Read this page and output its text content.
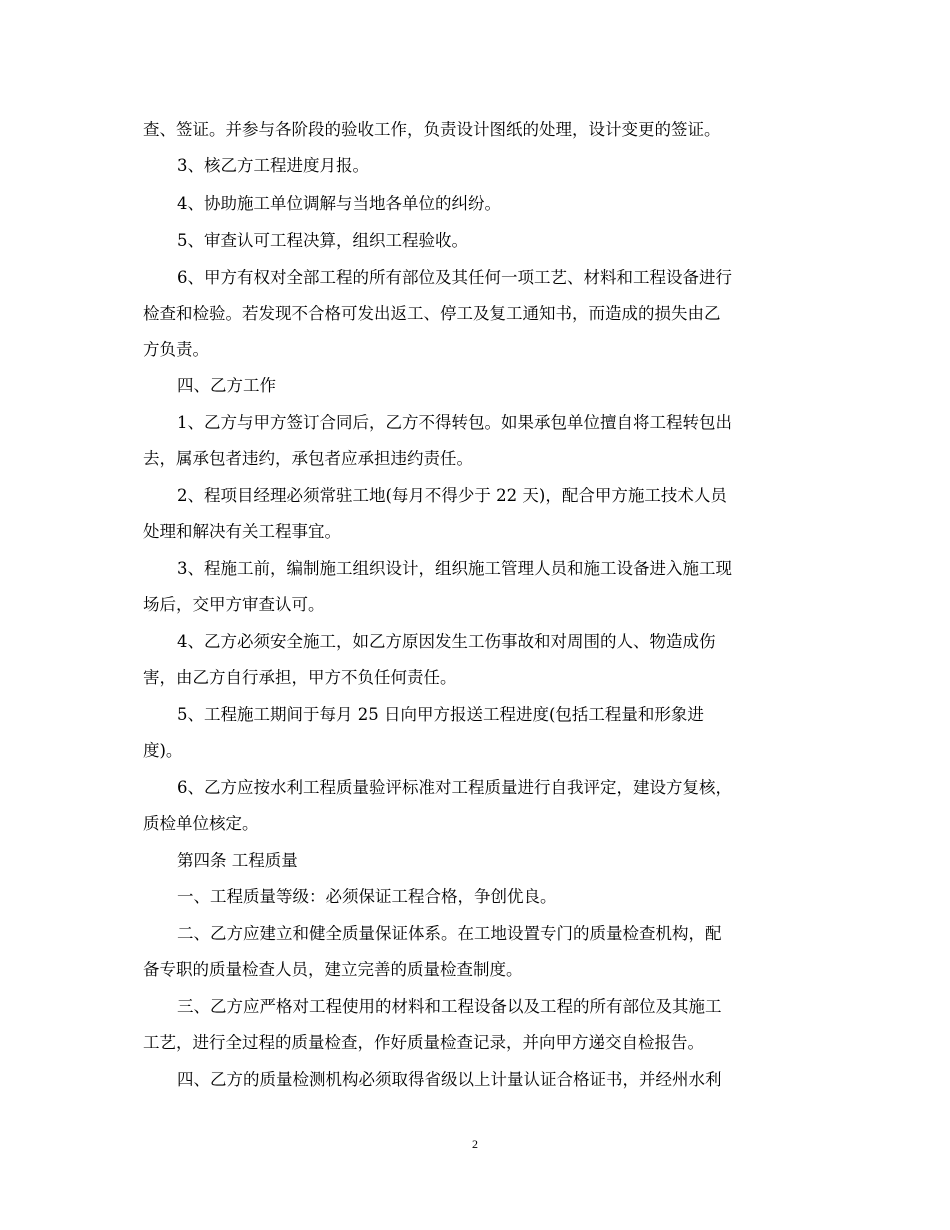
查、签证。并参与各阶段的验收工作，负责设计图纸的处理，设计变更的签证。
3、核乙方工程进度月报。
4、协助施工单位调解与当地各单位的纠纷。
5、审查认可工程决算，组织工程验收。
6、甲方有权对全部工程的所有部位及其任何一项工艺、材料和工程设备进行
检查和检验。若发现不合格可发出返工、停工及复工通知书，而造成的损失由乙
方负责。
四、乙方工作
1、乙方与甲方签订合同后，乙方不得转包。如果承包单位擅自将工程转包出
去，属承包者违约，承包者应承担违约责任。
2、程项目经理必须常驻工地(每月不得少于 22 天)，配合甲方施工技术人员
处理和解决有关工程事宜。
3、程施工前，编制施工组织设计，组织施工管理人员和施工设备进入施工现
场后，交甲方审查认可。
4、乙方必须安全施工，如乙方原因发生工伤事故和对周围的人、物造成伤
害，由乙方自行承担，甲方不负任何责任。
5、工程施工期间于每月 25 日向甲方报送工程进度(包括工程量和形象进
度)。
6、乙方应按水利工程质量验评标准对工程质量进行自我评定，建设方复核，
质检单位核定。
第四条 工程质量
一、工程质量等级：必须保证工程合格，争创优良。
二、乙方应建立和健全质量保证体系。在工地设置专门的质量检查机构，配
备专职的质量检查人员，建立完善的质量检查制度。
三、乙方应严格对工程使用的材料和工程设备以及工程的所有部位及其施工
工艺，进行全过程的质量检查，作好质量检查记录，并向甲方递交自检报告。
四、乙方的质量检测机构必须取得省级以上计量认证合格证书，并经州水利
2
